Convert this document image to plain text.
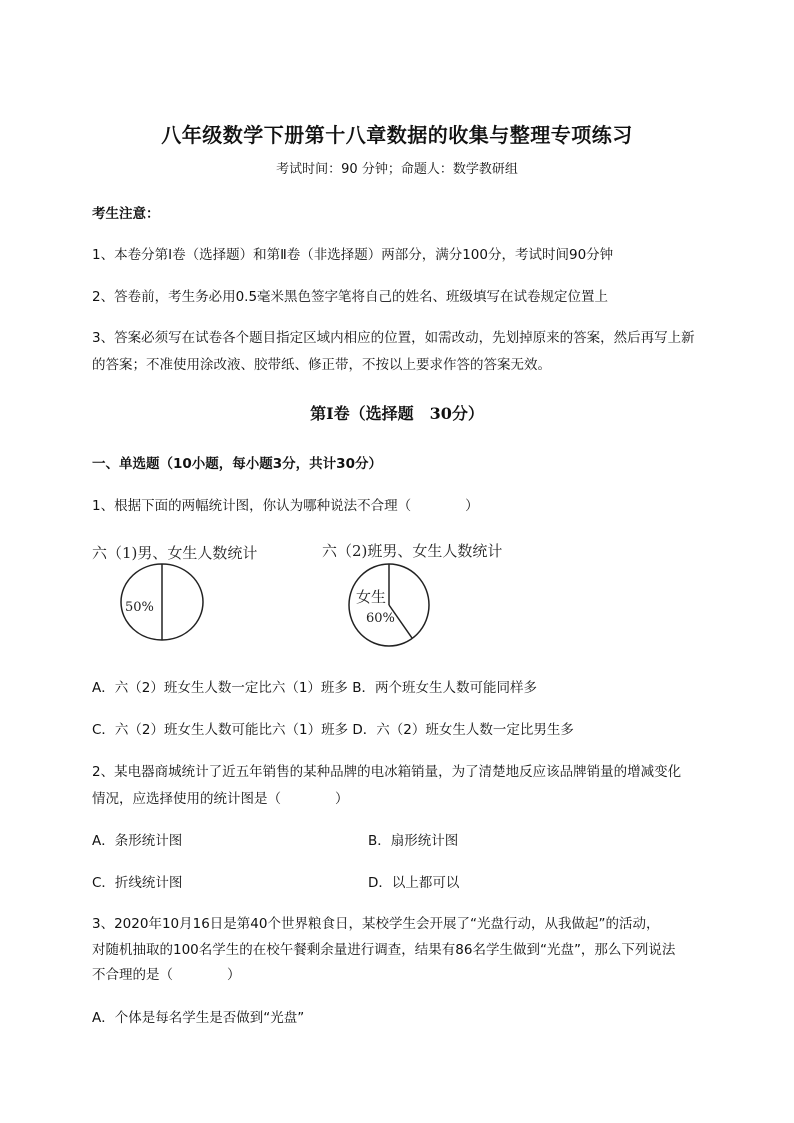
八年级数学下册第十八章数据的收集与整理专项练习
考试时间：90 分钟；命题人：数学教研组
考生注意：
1、本卷分第Ⅰ卷（选择题）和第Ⅱ卷（非选择题）两部分，满分100分，考试时间90分钟
2、答卷前，考生务必用0.5毫米黑色签字笔将自己的姓名、班级填写在试卷规定位置上
3、答案必须写在试卷各个题目指定区域内相应的位置，如需改动，先划掉原来的答案，然后再写上新
的答案；不准使用涂改液、胶带纸、修正带，不按以上要求作答的答案无效。
第Ⅰ卷（选择题　30分）
一、单选题（10小题，每小题3分，共计30分）
1、根据下面的两幅统计图，你认为哪种说法不合理（　　　　）
六（1)男、女生人数统计
50%
六（2)班男、女生人数统计
女生
60%
A．六（2）班女生人数一定比六（1）班多 B．两个班女生人数可能同样多
C．六（2）班女生人数可能比六（1）班多 D．六（2）班女生人数一定比男生多
2、某电器商城统计了近五年销售的某种品牌的电冰箱销量，为了清楚地反应该品牌销量的增减变化
情况，应选择使用的统计图是（　　　　）
A．条形统计图	B．扇形统计图
C．折线统计图	D．以上都可以
3、2020年10月16日是第40个世界粮食日，某校学生会开展了“光盘行动，从我做起”的活动，
对随机抽取的100名学生的在校午餐剩余量进行调查，结果有86名学生做到“光盘”，那么下列说法
不合理的是（　　　　）
A．个体是每名学生是否做到“光盘”
